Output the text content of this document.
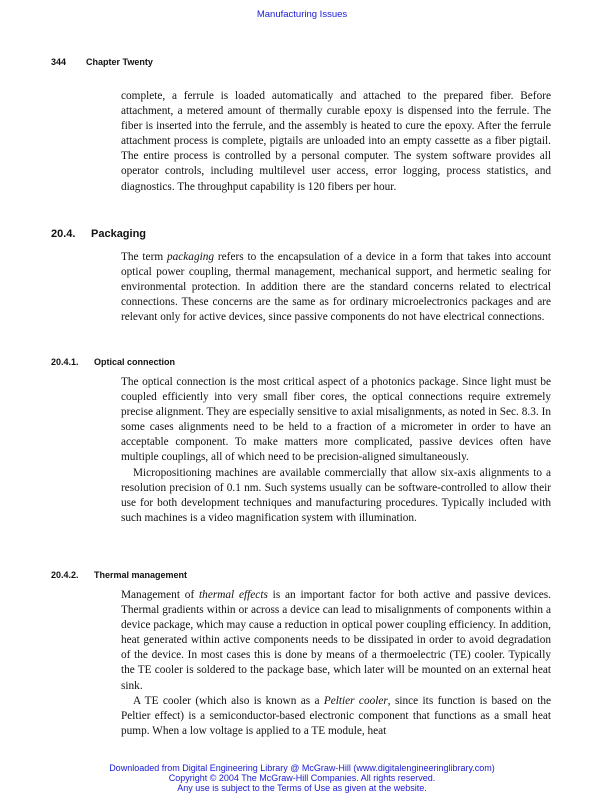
Manufacturing Issues
344 Chapter Twenty

complete, a ferrule is loaded automatically and attached to the prepared fiber. Before attachment, a metered amount of thermally curable epoxy is dispensed into the ferrule. The fiber is inserted into the ferrule, and the assembly is heated to cure the epoxy. After the ferrule attachment process is complete, pigtails are unloaded into an empty cassette as a fiber pigtail. The entire process is controlled by a personal computer. The system software provides all operator controls, including multilevel user access, error logging, process statistics, and diagnostics. The throughput capability is 120 fibers per hour.

20.4. Packaging

The term packaging refers to the encapsulation of a device in a form that takes into account optical power coupling, thermal management, mechanical support, and hermetic sealing for environmental protection. In addition there are the standard concerns related to electrical connections. These concerns are the same as for ordinary microelectronics packages and are relevant only for active devices, since passive components do not have electrical connections.

20.4.1. Optical connection

The optical connection is the most critical aspect of a photonics package. Since light must be coupled efficiently into very small fiber cores, the optical connections require extremely precise alignment. They are especially sensitive to axial misalignments, as noted in Sec. 8.3. In some cases alignments need to be held to a fraction of a micrometer in order to have an acceptable component. To make matters more complicated, passive devices often have multiple couplings, all of which need to be precision-aligned simultaneously.

Micropositioning machines are available commercially that allow six-axis alignments to a resolution precision of 0.1 nm. Such systems usually can be software-controlled to allow their use for both development techniques and manufacturing procedures. Typically included with such machines is a video magnification system with illumination.

20.4.2. Thermal management

Management of thermal effects is an important factor for both active and passive devices. Thermal gradients within or across a device can lead to misalignments of components within a device package, which may cause a reduction in optical power coupling efficiency. In addition, heat generated within active components needs to be dissipated in order to avoid degradation of the device. In most cases this is done by means of a thermoelectric (TE) cooler. Typically the TE cooler is soldered to the package base, which later will be mounted on an external heat sink.

A TE cooler (which also is known as a Peltier cooler, since its function is based on the Peltier effect) is a semiconductor-based electronic component that functions as a small heat pump. When a low voltage is applied to a TE module, heat

Downloaded from Digital Engineering Library @ McGraw-Hill (www.digitalengineeringlibrary.com)
Copyright © 2004 The McGraw-Hill Companies. All rights reserved.
Any use is subject to the Terms of Use as given at the website.
